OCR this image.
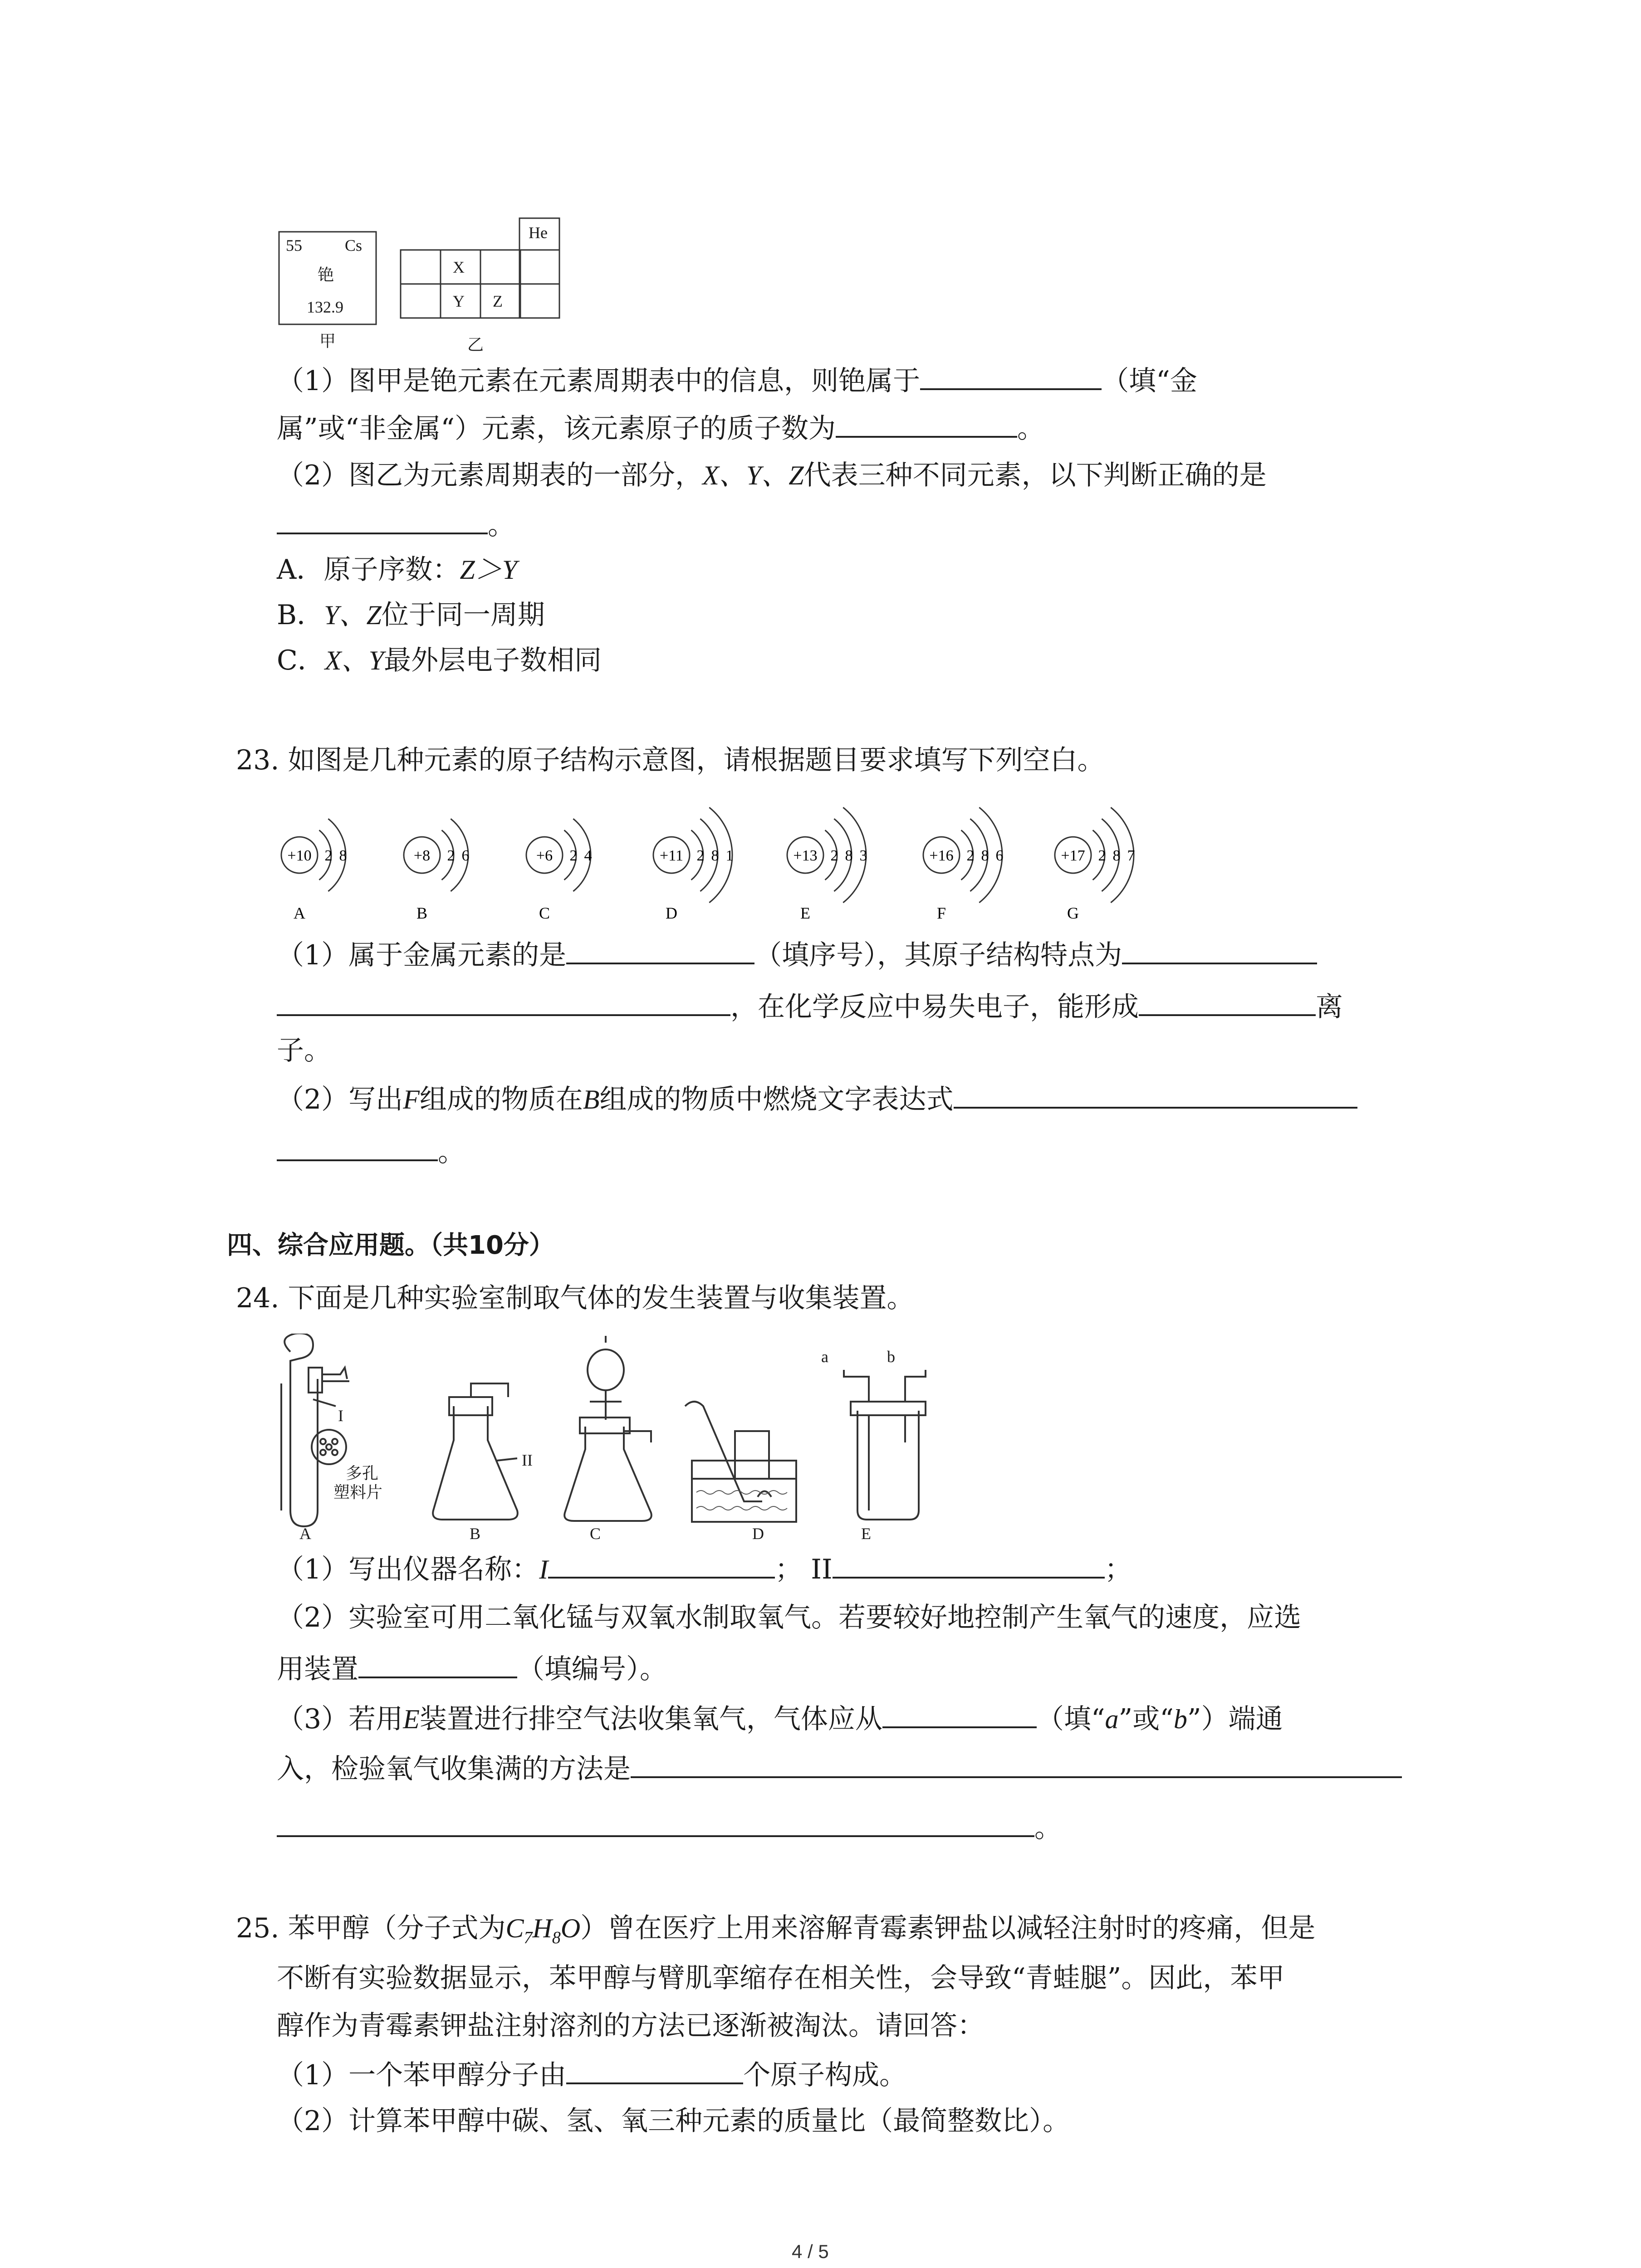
55	Cs
铯
132.9
甲
He
X
Y Z
乙
（1）图甲是铯元素在元素周期表中的信息，则铯属于	（填“金
属”或“非金属“）元素，该元素原子的质子数为	。
（2）图乙为元素周期表的一部分，X、Y、Z代表三种不同元素，以下判断正确的是
。
A．原子序数：Z＞Y
B．Y、Z位于同一周期
C．X、Y最外层电子数相同
23. 如图是几种元素的原子结构示意图，请根据题目要求填写下列空白。
+10 2 8
A
+8 2 6
B
+6 2 4
C
+11 2 8 1
D
+13 2 8 3
E
+16 2 8 6
F
+17 2 8 7
G
（1）属于金属元素的是	（填序号），其原子结构特点为
，在化学反应中易失电子，能形成	离
子。
（2）写出F组成的物质在B组成的物质中燃烧文字表达式
。
四、综合应用题。（共10分）
24. 下面是几种实验室制取气体的发生装置与收集装置。
I
II
多孔
塑料片
a	b
A	B	C	D	E
（1）写出仪器名称：I	； II	；
（2）实验室可用二氧化锰与双氧水制取氧气。若要较好地控制产生氧气的速度，应选
用装置	（填编号）。
（3）若用E装置进行排空气法收集氧气，气体应从	（填“a”或“b”）端通
入，检验氧气收集满的方法是
。
25. 苯甲醇（分子式为$C_7H_8O$）曾在医疗上用来溶解青霉素钾盐以减轻注射时的疼痛，但是
不断有实验数据显示，苯甲醇与臂肌挛缩存在相关性，会导致“青蛙腿”。因此，苯甲
醇作为青霉素钾盐注射溶剂的方法已逐渐被淘汰。请回答：
（1）一个苯甲醇分子由	个原子构成。
（2）计算苯甲醇中碳、氢、氧三种元素的质量比（最简整数比）。
4 / 5
